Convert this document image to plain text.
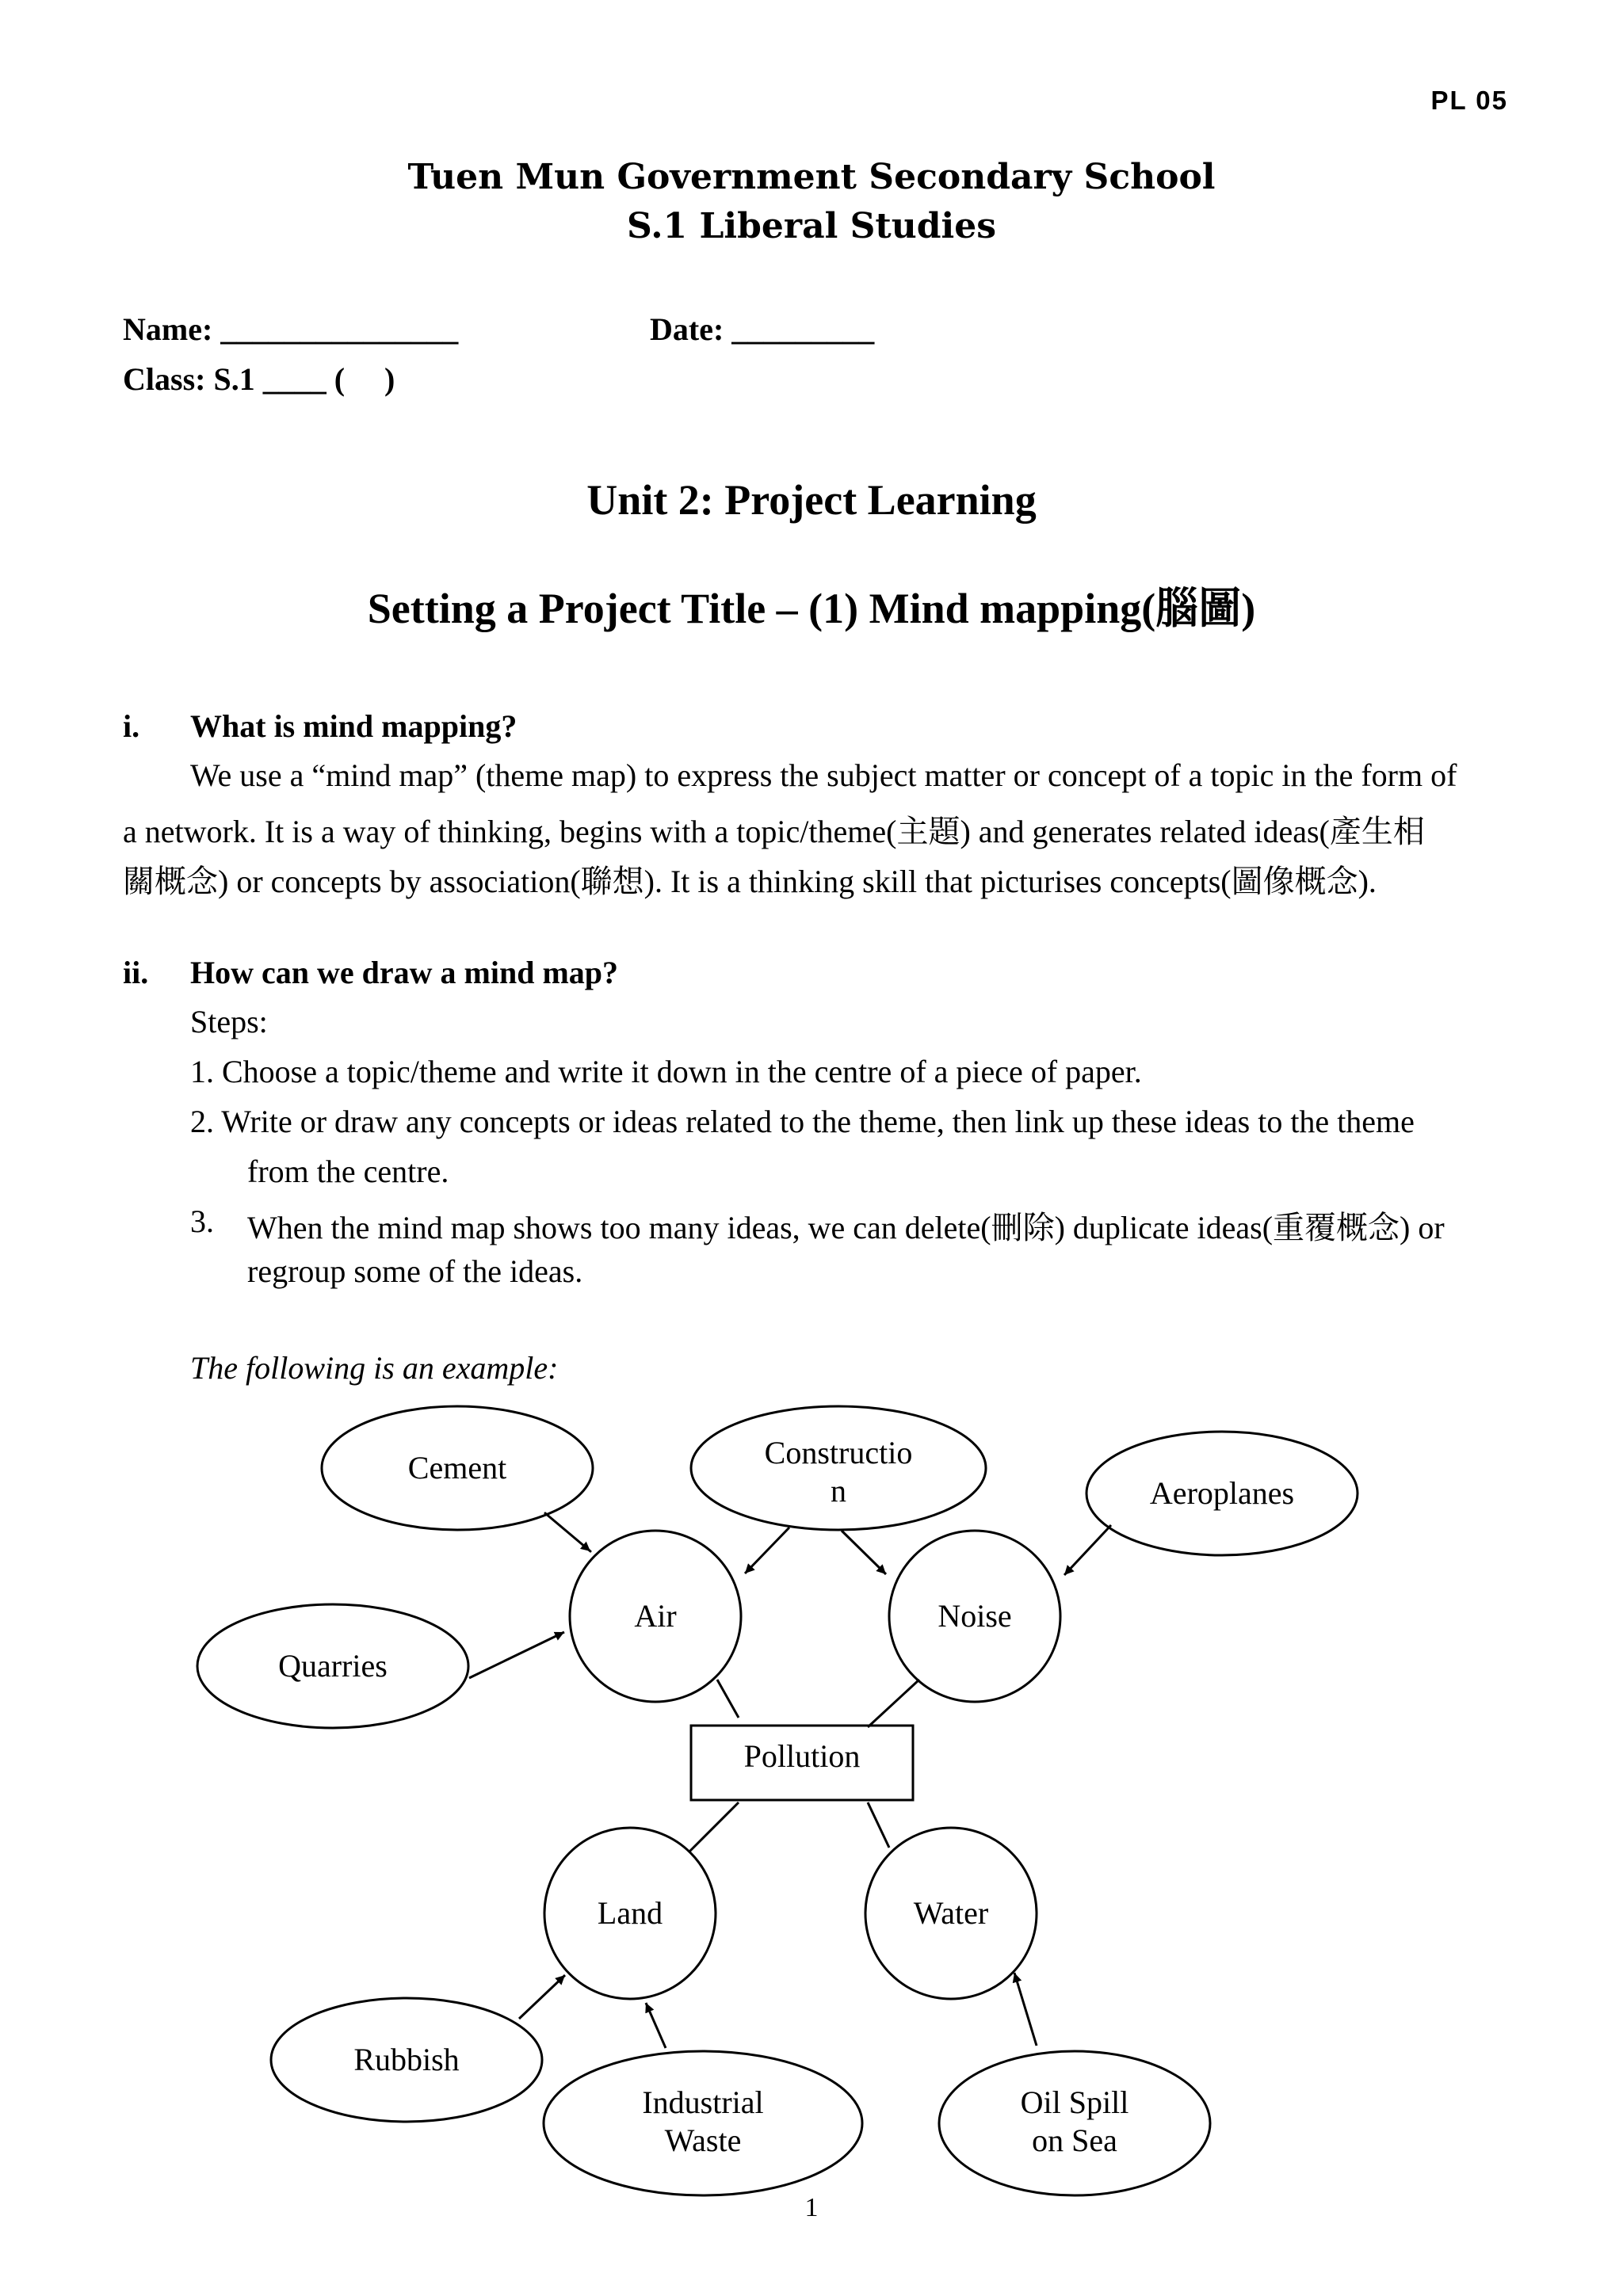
PL 05
Tuen Mun Government Secondary School
S.1 Liberal Studies
Name: _______________	Date: _________
Class: S.1 ____ (     )
Unit 2: Project Learning
Setting a Project Title – (1) Mind mapping(腦圖)
i. What is mind mapping?
We use a “mind map” (theme map) to express the subject matter or concept of a topic in the form of
a network. It is a way of thinking, begins with a topic/theme(主題) and generates related ideas(產生相
關概念) or concepts by association(聯想). It is a thinking skill that picturises concepts(圖像概念).
ii. How can we draw a mind map?
Steps:
1. Choose a topic/theme and write it down in the centre of a piece of paper.
2. Write or draw any concepts or ideas related to the theme, then link up these ideas to the theme
from the centre.
3. When the mind map shows too many ideas, we can delete(刪除) duplicate ideas(重覆概念) or
regroup some of the ideas.
The following is an example:
Pollution
Air	Noise
Land	Water
Cement	Constructio
n	Aeroplanes
Quarries
Rubbish
Industrial
Waste
Oil Spill
on Sea
1
